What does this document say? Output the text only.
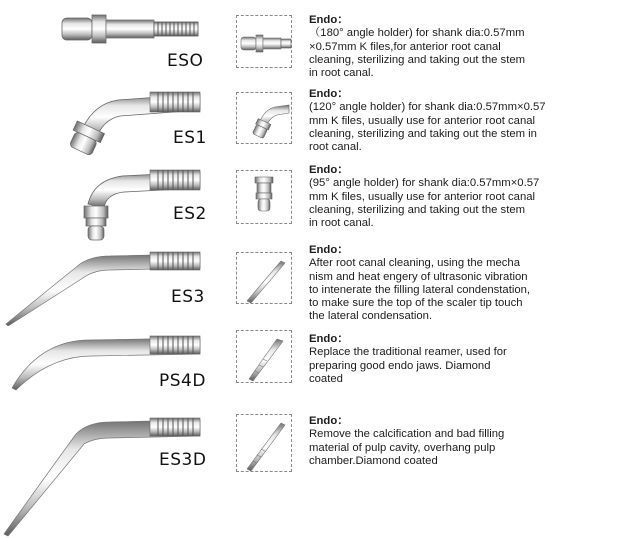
ESO
Endo：
（180° angle holder) for shank dia:0.57mm
×0.57mm K files,for anterior root canal
cleaning, sterilizing and taking out the stem
in root canal.
ES1
Endo：
(120° angle holder) for shank dia:0.57mm×0.57
mm K files, usually use for anterior root canal
cleaning, sterilizing and taking out the stem in
root canal.
ES2
Endo：
(95° angle holder) for shank dia:0.57mm×0.57
mm K files, usually use for anterior root canal
cleaning, sterilizing and taking out the stem
in root canal.
ES3
Endo：
After root canal cleaning, using the mecha
nism and heat engery of ultrasonic vibration
to intenerate the filling lateral condenstation,
to make sure the top of the scaler tip touch
the lateral condensation.
PS4D
Endo：
Replace the traditional reamer, used for
preparing good endo jaws. Diamond
coated
ES3D
Endo：
Remove the calcification and bad filling
material of pulp cavity, overhang pulp
chamber.Diamond coated
